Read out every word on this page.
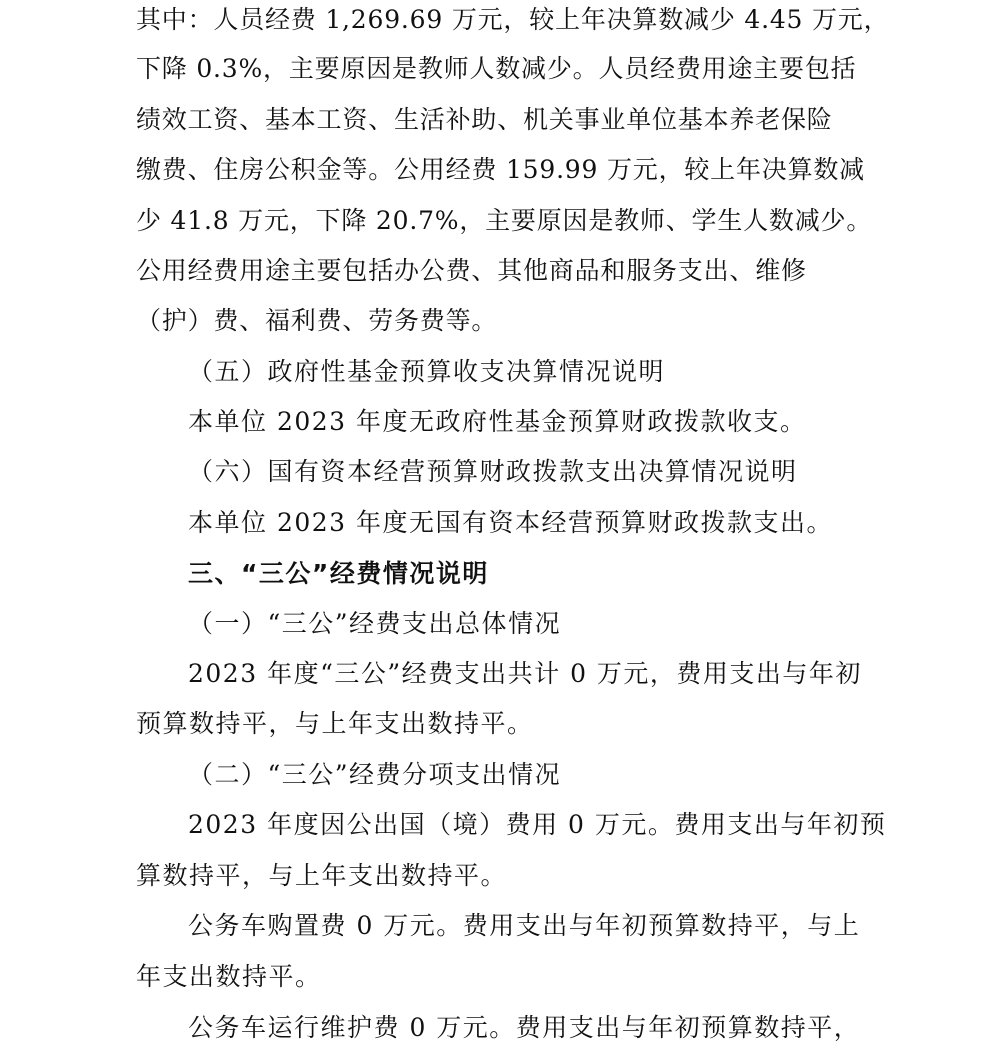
其中：人员经费 1,269.69 万元，较上年决算数减少 4.45 万元，
下降 0.3%，主要原因是教师人数减少。人员经费用途主要包括
绩效工资、基本工资、生活补助、机关事业单位基本养老保险
缴费、住房公积金等。公用经费 159.99 万元，较上年决算数减
少 41.8 万元，下降 20.7%，主要原因是教师、学生人数减少。
公用经费用途主要包括办公费、其他商品和服务支出、维修
（护）费、福利费、劳务费等。
（五）政府性基金预算收支决算情况说明
本单位 2023 年度无政府性基金预算财政拨款收支。
（六）国有资本经营预算财政拨款支出决算情况说明
本单位 2023 年度无国有资本经营预算财政拨款支出。
三、“三公”经费情况说明
（一）“三公”经费支出总体情况
2023 年度“三公”经费支出共计 0 万元，费用支出与年初
预算数持平，与上年支出数持平。
（二）“三公”经费分项支出情况
2023 年度因公出国（境）费用 0 万元。费用支出与年初预
算数持平，与上年支出数持平。
公务车购置费 0 万元。费用支出与年初预算数持平，与上
年支出数持平。
公务车运行维护费 0 万元。费用支出与年初预算数持平，
